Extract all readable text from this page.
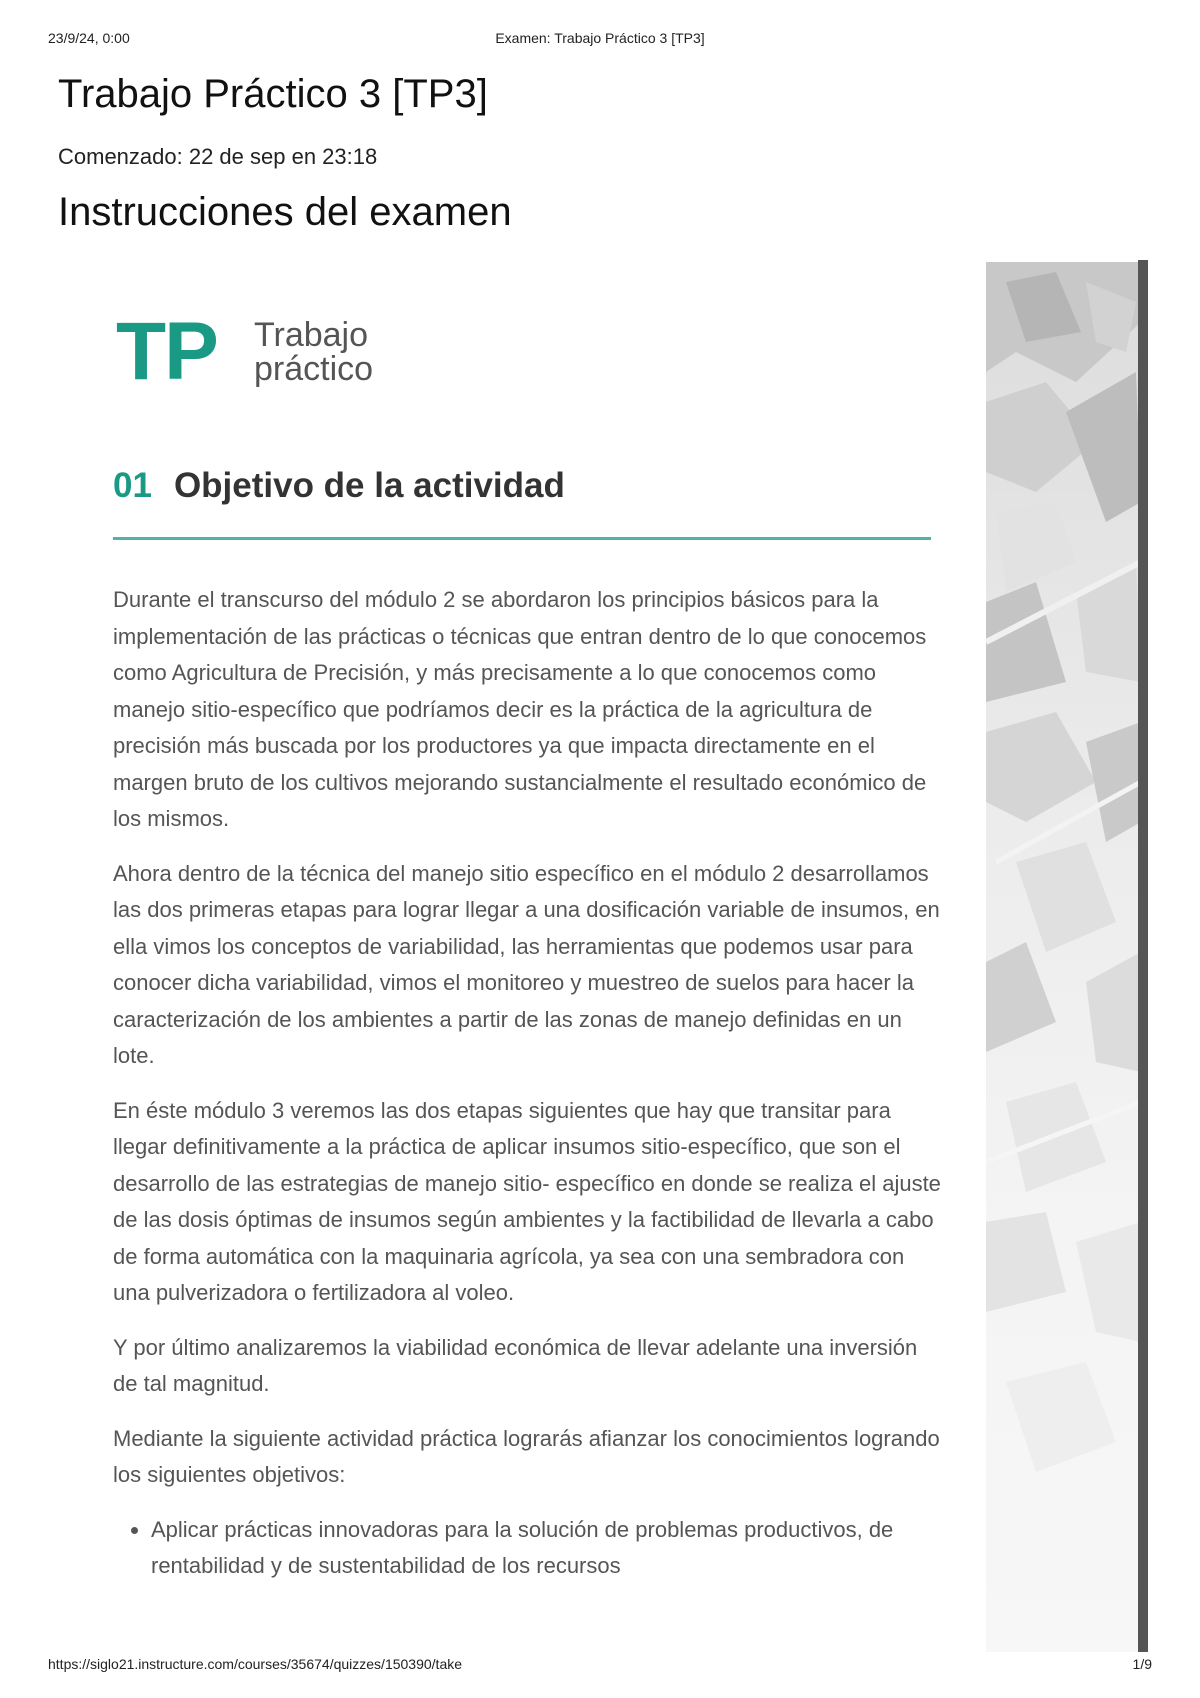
23/9/24, 0:00	Examen: Trabajo Práctico 3 [TP3]
Trabajo Práctico 3 [TP3]
Comenzado: 22 de sep en 23:18
Instrucciones del examen
TP Trabajo
práctico
01 Objetivo de la actividad

Durante el transcurso del módulo 2 se abordaron los principios básicos para la implementación de las prácticas o técnicas que entran dentro de lo que conocemos como Agricultura de Precisión, y más precisamente a lo que conocemos como manejo sitio-específico que podríamos decir es la práctica de la agricultura de precisión más buscada por los productores ya que impacta directamente en el margen bruto de los cultivos mejorando sustancialmente el resultado económico de los mismos.

Ahora dentro de la técnica del manejo sitio específico en el módulo 2 desarrollamos las dos primeras etapas para lograr llegar a una dosificación variable de insumos, en ella vimos los conceptos de variabilidad, las herramientas que podemos usar para conocer dicha variabilidad, vimos el monitoreo y muestreo de suelos para hacer la caracterización de los ambientes a partir de las zonas de manejo definidas en un lote.

En éste módulo 3 veremos las dos etapas siguientes que hay que transitar para llegar definitivamente a la práctica de aplicar insumos sitio-específico, que son el desarrollo de las estrategias de manejo sitio- específico en donde se realiza el ajuste de las dosis óptimas de insumos según ambientes y la factibilidad de llevarla a cabo de forma automática con la maquinaria agrícola, ya sea con una sembradora con una pulverizadora o fertilizadora al voleo.

Y por último analizaremos la viabilidad económica de llevar adelante una inversión de tal magnitud.

Mediante la siguiente actividad práctica lograrás afianzar los conocimientos logrando los siguientes objetivos:

• Aplicar prácticas innovadoras para la solución de problemas productivos, de rentabilidad y de sustentabilidad de los recursos
https://siglo21.instructure.com/courses/35674/quizzes/150390/take	1/9
